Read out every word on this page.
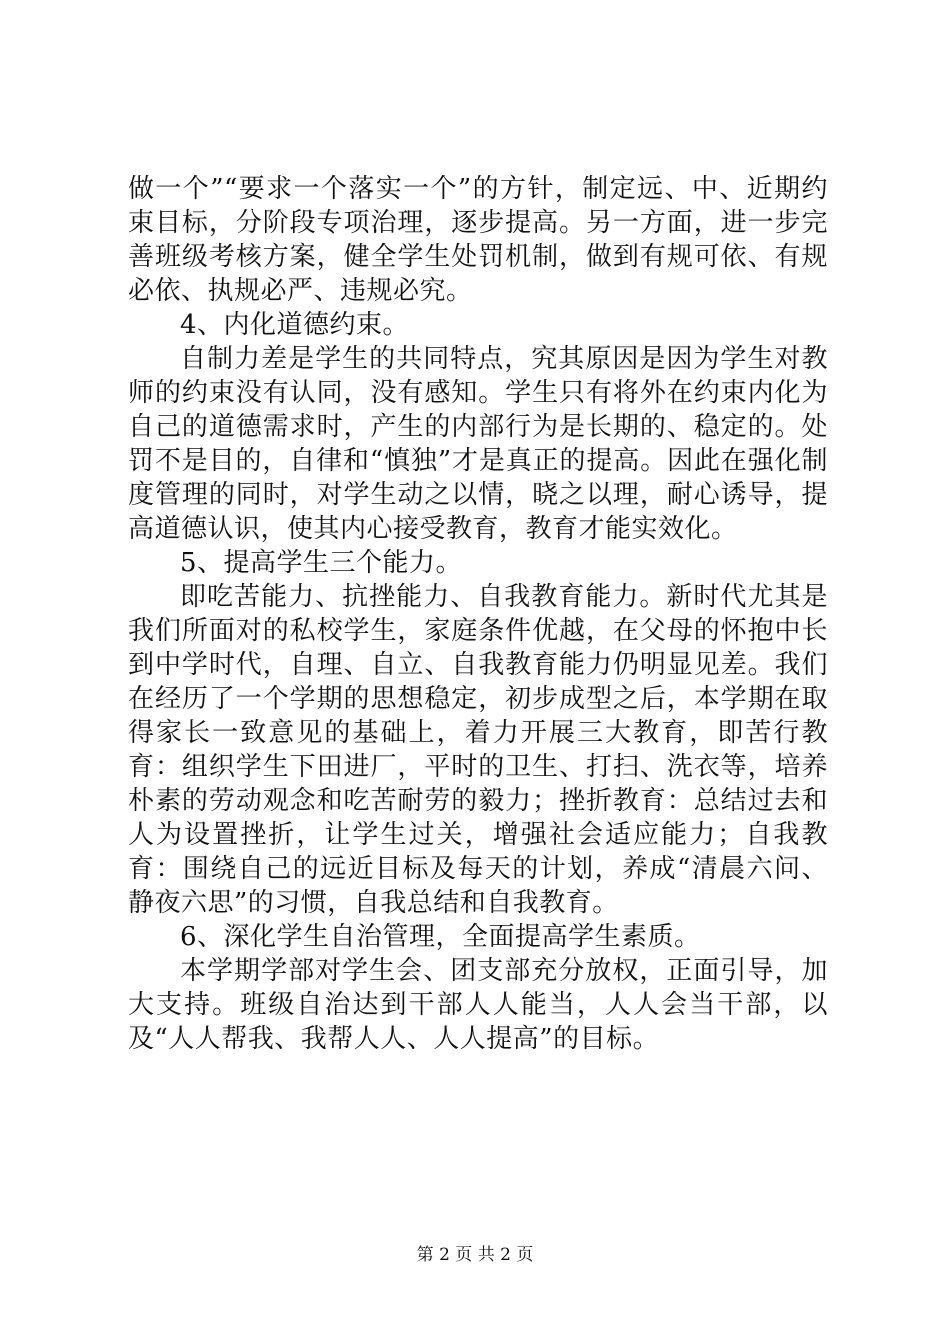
做一个”“要求一个落实一个”的方针，制定远、中、近期约束目标，分阶段专项治理，逐步提高。另一方面，进一步完善班级考核方案，健全学生处罚机制，做到有规可依、有规必依、执规必严、违规必究。

4、内化道德约束。

自制力差是学生的共同特点，究其原因是因为学生对教师的约束没有认同，没有感知。学生只有将外在约束内化为自己的道德需求时，产生的内部行为是长期的、稳定的。处罚不是目的，自律和“慎独”才是真正的提高。因此在强化制度管理的同时，对学生动之以情，晓之以理，耐心诱导，提高道德认识，使其内心接受教育，教育才能实效化。

5、提高学生三个能力。

即吃苦能力、抗挫能力、自我教育能力。新时代尤其是我们所面对的私校学生，家庭条件优越，在父母的怀抱中长到中学时代，自理、自立、自我教育能力仍明显见差。我们在经历了一个学期的思想稳定，初步成型之后，本学期在取得家长一致意见的基础上，着力开展三大教育，即苦行教育：组织学生下田进厂，平时的卫生、打扫、洗衣等，培养朴素的劳动观念和吃苦耐劳的毅力；挫折教育：总结过去和人为设置挫折，让学生过关，增强社会适应能力；自我教育：围绕自己的远近目标及每天的计划，养成“清晨六问、静夜六思”的习惯，自我总结和自我教育。

6、深化学生自治管理，全面提高学生素质。

本学期学部对学生会、团支部充分放权，正面引导，加大支持。班级自治达到干部人人能当，人人会当干部，以及“人人帮我、我帮人人、人人提高”的目标。

第 2 页 共 2 页
